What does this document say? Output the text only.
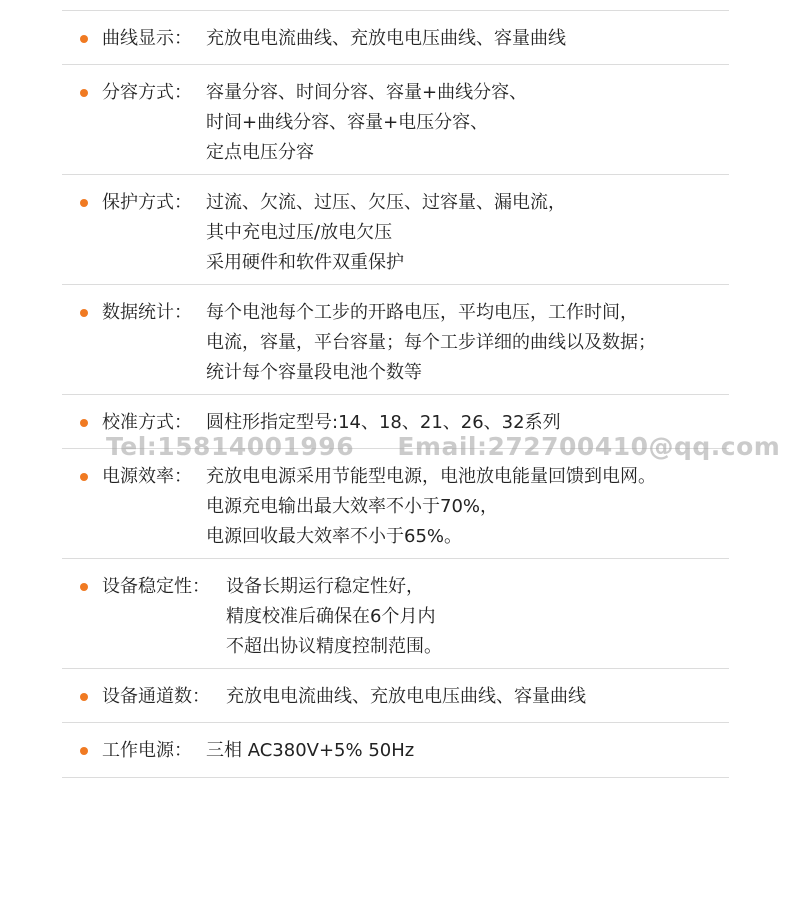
曲线显示： 充放电电流曲线、充放电电压曲线、容量曲线
分容方式： 容量分容、时间分容、容量+曲线分容、
时间+曲线分容、容量+电压分容、
定点电压分容
保护方式： 过流、欠流、过压、欠压、过容量、漏电流，
其中充电过压/放电欠压
采用硬件和软件双重保护
数据统计： 每个电池每个工步的开路电压，平均电压，工作时间，
电流，容量，平台容量；每个工步详细的曲线以及数据；
统计每个容量段电池个数等
校准方式： 圆柱形指定型号:14、18、21、26、32系列
电源效率： 充放电电源采用节能型电源，电池放电能量回馈到电网。
电源充电输出最大效率不小于70%，
电源回收最大效率不小于65%。
设备稳定性： 设备长期运行稳定性好，
精度校准后确保在6个月内
不超出协议精度控制范围。
设备通道数： 充放电电流曲线、充放电电压曲线、容量曲线
工作电源： 三相 AC380V+5% 50Hz
Tel:15814001996 Email:272700410@qq.com
